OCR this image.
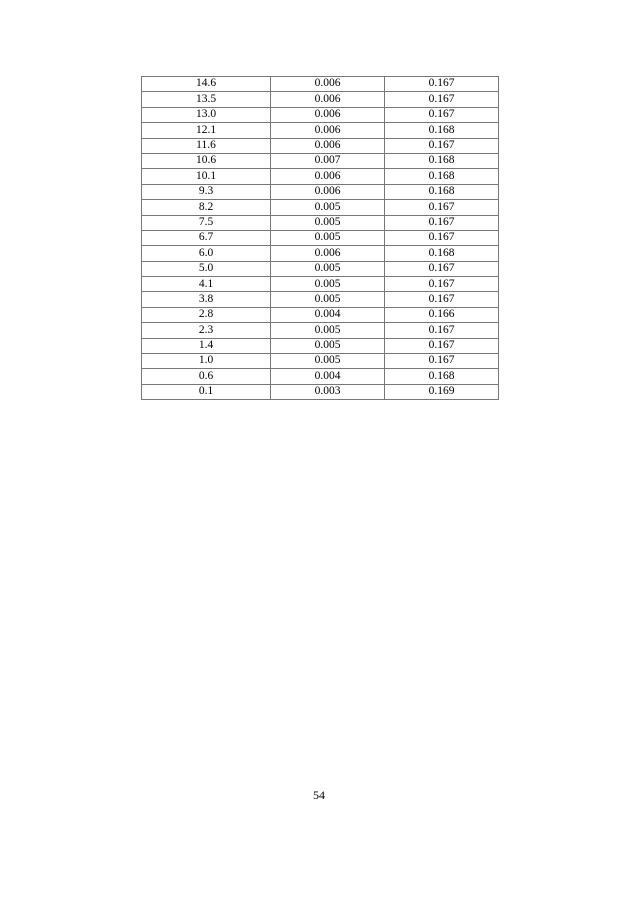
14.6	0.006	0.167
13.5	0.006	0.167
13.0	0.006	0.167
12.1	0.006	0.168
11.6	0.006	0.167
10.6	0.007	0.168
10.1	0.006	0.168
9.3	0.006	0.168
8.2	0.005	0.167
7.5	0.005	0.167
6.7	0.005	0.167
6.0	0.006	0.168
5.0	0.005	0.167
4.1	0.005	0.167
3.8	0.005	0.167
2.8	0.004	0.166
2.3	0.005	0.167
1.4	0.005	0.167
1.0	0.005	0.167
0.6	0.004	0.168
0.1	0.003	0.169
54
